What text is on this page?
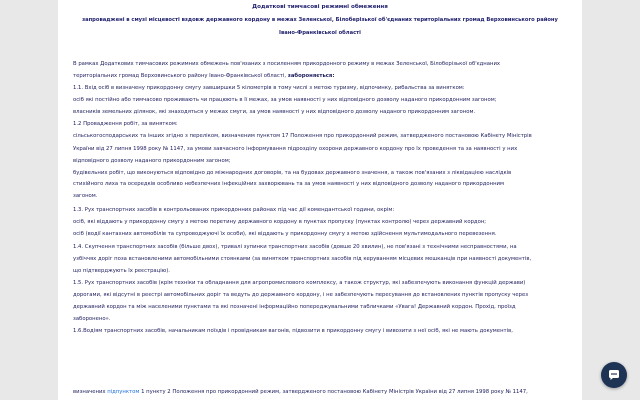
Додаткові тимчасові режимні обмеження
запроваджені в смузі місцевості вздовж державного кордону в межах Зеленської, Білоберізької об'єднаних територіальних громад Верховинського району
Івано-Франківської області
В рамках Додаткових тимчасових режимних обмежень пов'язаних з посиленням прикордонного режиму в межах Зеленської, Білоберізької об'єднаних
територіальних громад Верховинського району Івано-Франківської області, забороняється:
1.1. Вхід осіб в визначену прикордонну смугу завширшки 5 кілометрів в тому числі з метою туризму, відпочинку, рибальства за винятком:
осіб які постійно або тимчасово проживають чи працюють в її межах, за умов наявності у них відповідного дозволу наданого прикордонним загоном;
власників земельних ділянок, які знаходяться у межах смуги, за умов наявності у них відповідного дозволу наданого прикордонним загоном.
1.2 Провадження робіт, за винятком:
сільськогосподарських та інших згідно з переліком, визначеним пунктом 17 Положення про прикордонний режим, затвердженого постановою Кабінету Міністрів
України від 27 липня 1998 року № 1147, за умови завчасного інформування підрозділу охорони державного кордону про їх проведення та за наявності у них
відповідного дозволу наданого прикордонним загоном;
будівельних робіт, що виконуються відповідно до міжнародних договорів, та на будовах державного значення, а також пов'язаних з ліквідацією наслідків
стихійного лиха та осередків особливо небезпечних інфекційних захворювань та за умов наявності у них відповідного дозволу наданого прикордонним
загоном.
1.3. Рух транспортних засобів в контрольованих прикордонних районах під час дії комендантської години, окрім:
осіб, які віддають у прикордонну смугу з метою перетину державного кордону в пунктах пропуску (пунктах контролю) через державний кордон;
осіб (водії кантахних автомобілів та супроводжуючі їх особи), які віддають у прикордонну смугу з метою здійснення мультимодального перевезення.
1.4. Скупчення транспортних засобів (більше двох), тривалі зупинки транспортних засобів (довше 20 хвилин), не пов'язані з технічними несправностями, на
узбіччях доріг поза встановленими автомобільними стоянками (за винятком транспортних засобів під керуванням місцевих мешканців при наявності документів,
що підтверджують їх реєстрацію).
1.5. Рух транспортних засобів (крім техніки та обладнання для агропромислового комплексу, а також структур, які забезпечують виконання функцій держави)
дорогами, які відсутні в реєстрі автомобільних доріг та ведуть до державного кордону, і не забезпечують пересування до встановлених пунктів пропуску через
державний кордон та між населеними пунктами та які позначені інформаційно попереджувальними табличками «Увага! Державний кордон. Прохід, проїзд
заборонено».
1.6.Водіям транспортних засобів, начальникам поїздів і провідникам вагонів, підвозити в прикордонну смугу і вивозити з неї осіб, які не мають документів,
визначених підпунктом 1 пункту 2 Положення про прикордонний режим, затвердженого постановою Кабінету Міністрів України від 27 липня 1998 року № 1147,
